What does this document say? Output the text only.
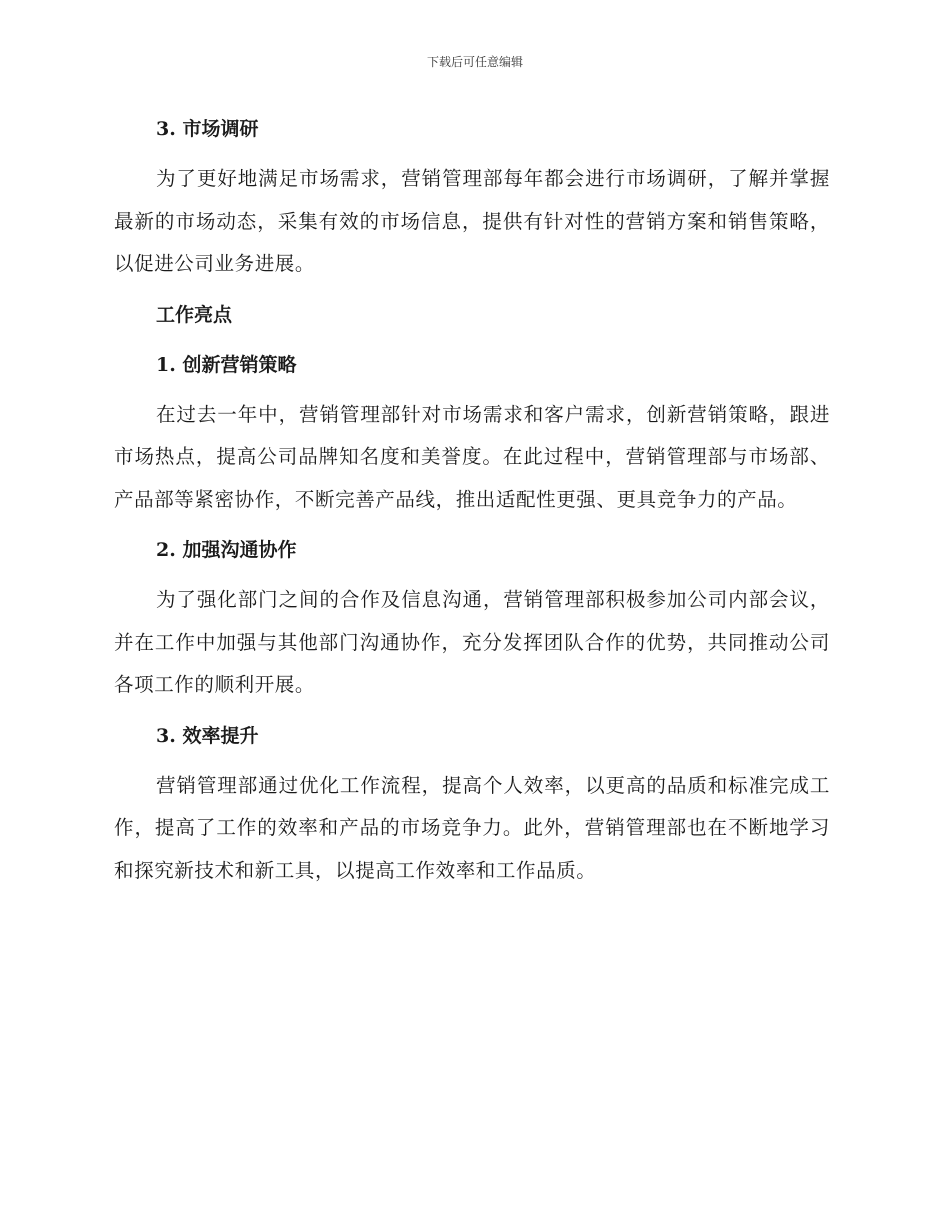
下载后可任意编辑
3. 市场调研

为了更好地满足市场需求，营销管理部每年都会进行市场调研，了解并掌握最新的市场动态，采集有效的市场信息，提供有针对性的营销方案和销售策略，以促进公司业务进展。

工作亮点
1. 创新营销策略

在过去一年中，营销管理部针对市场需求和客户需求，创新营销策略，跟进市场热点，提高公司品牌知名度和美誉度。在此过程中，营销管理部与市场部、产品部等紧密协作，不断完善产品线，推出适配性更强、更具竞争力的产品。

2. 加强沟通协作

为了强化部门之间的合作及信息沟通，营销管理部积极参加公司内部会议，并在工作中加强与其他部门沟通协作，充分发挥团队合作的优势，共同推动公司各项工作的顺利开展。

3. 效率提升

营销管理部通过优化工作流程，提高个人效率，以更高的品质和标准完成工作，提高了工作的效率和产品的市场竞争力。此外，营销管理部也在不断地学习和探究新技术和新工具，以提高工作效率和工作品质。
